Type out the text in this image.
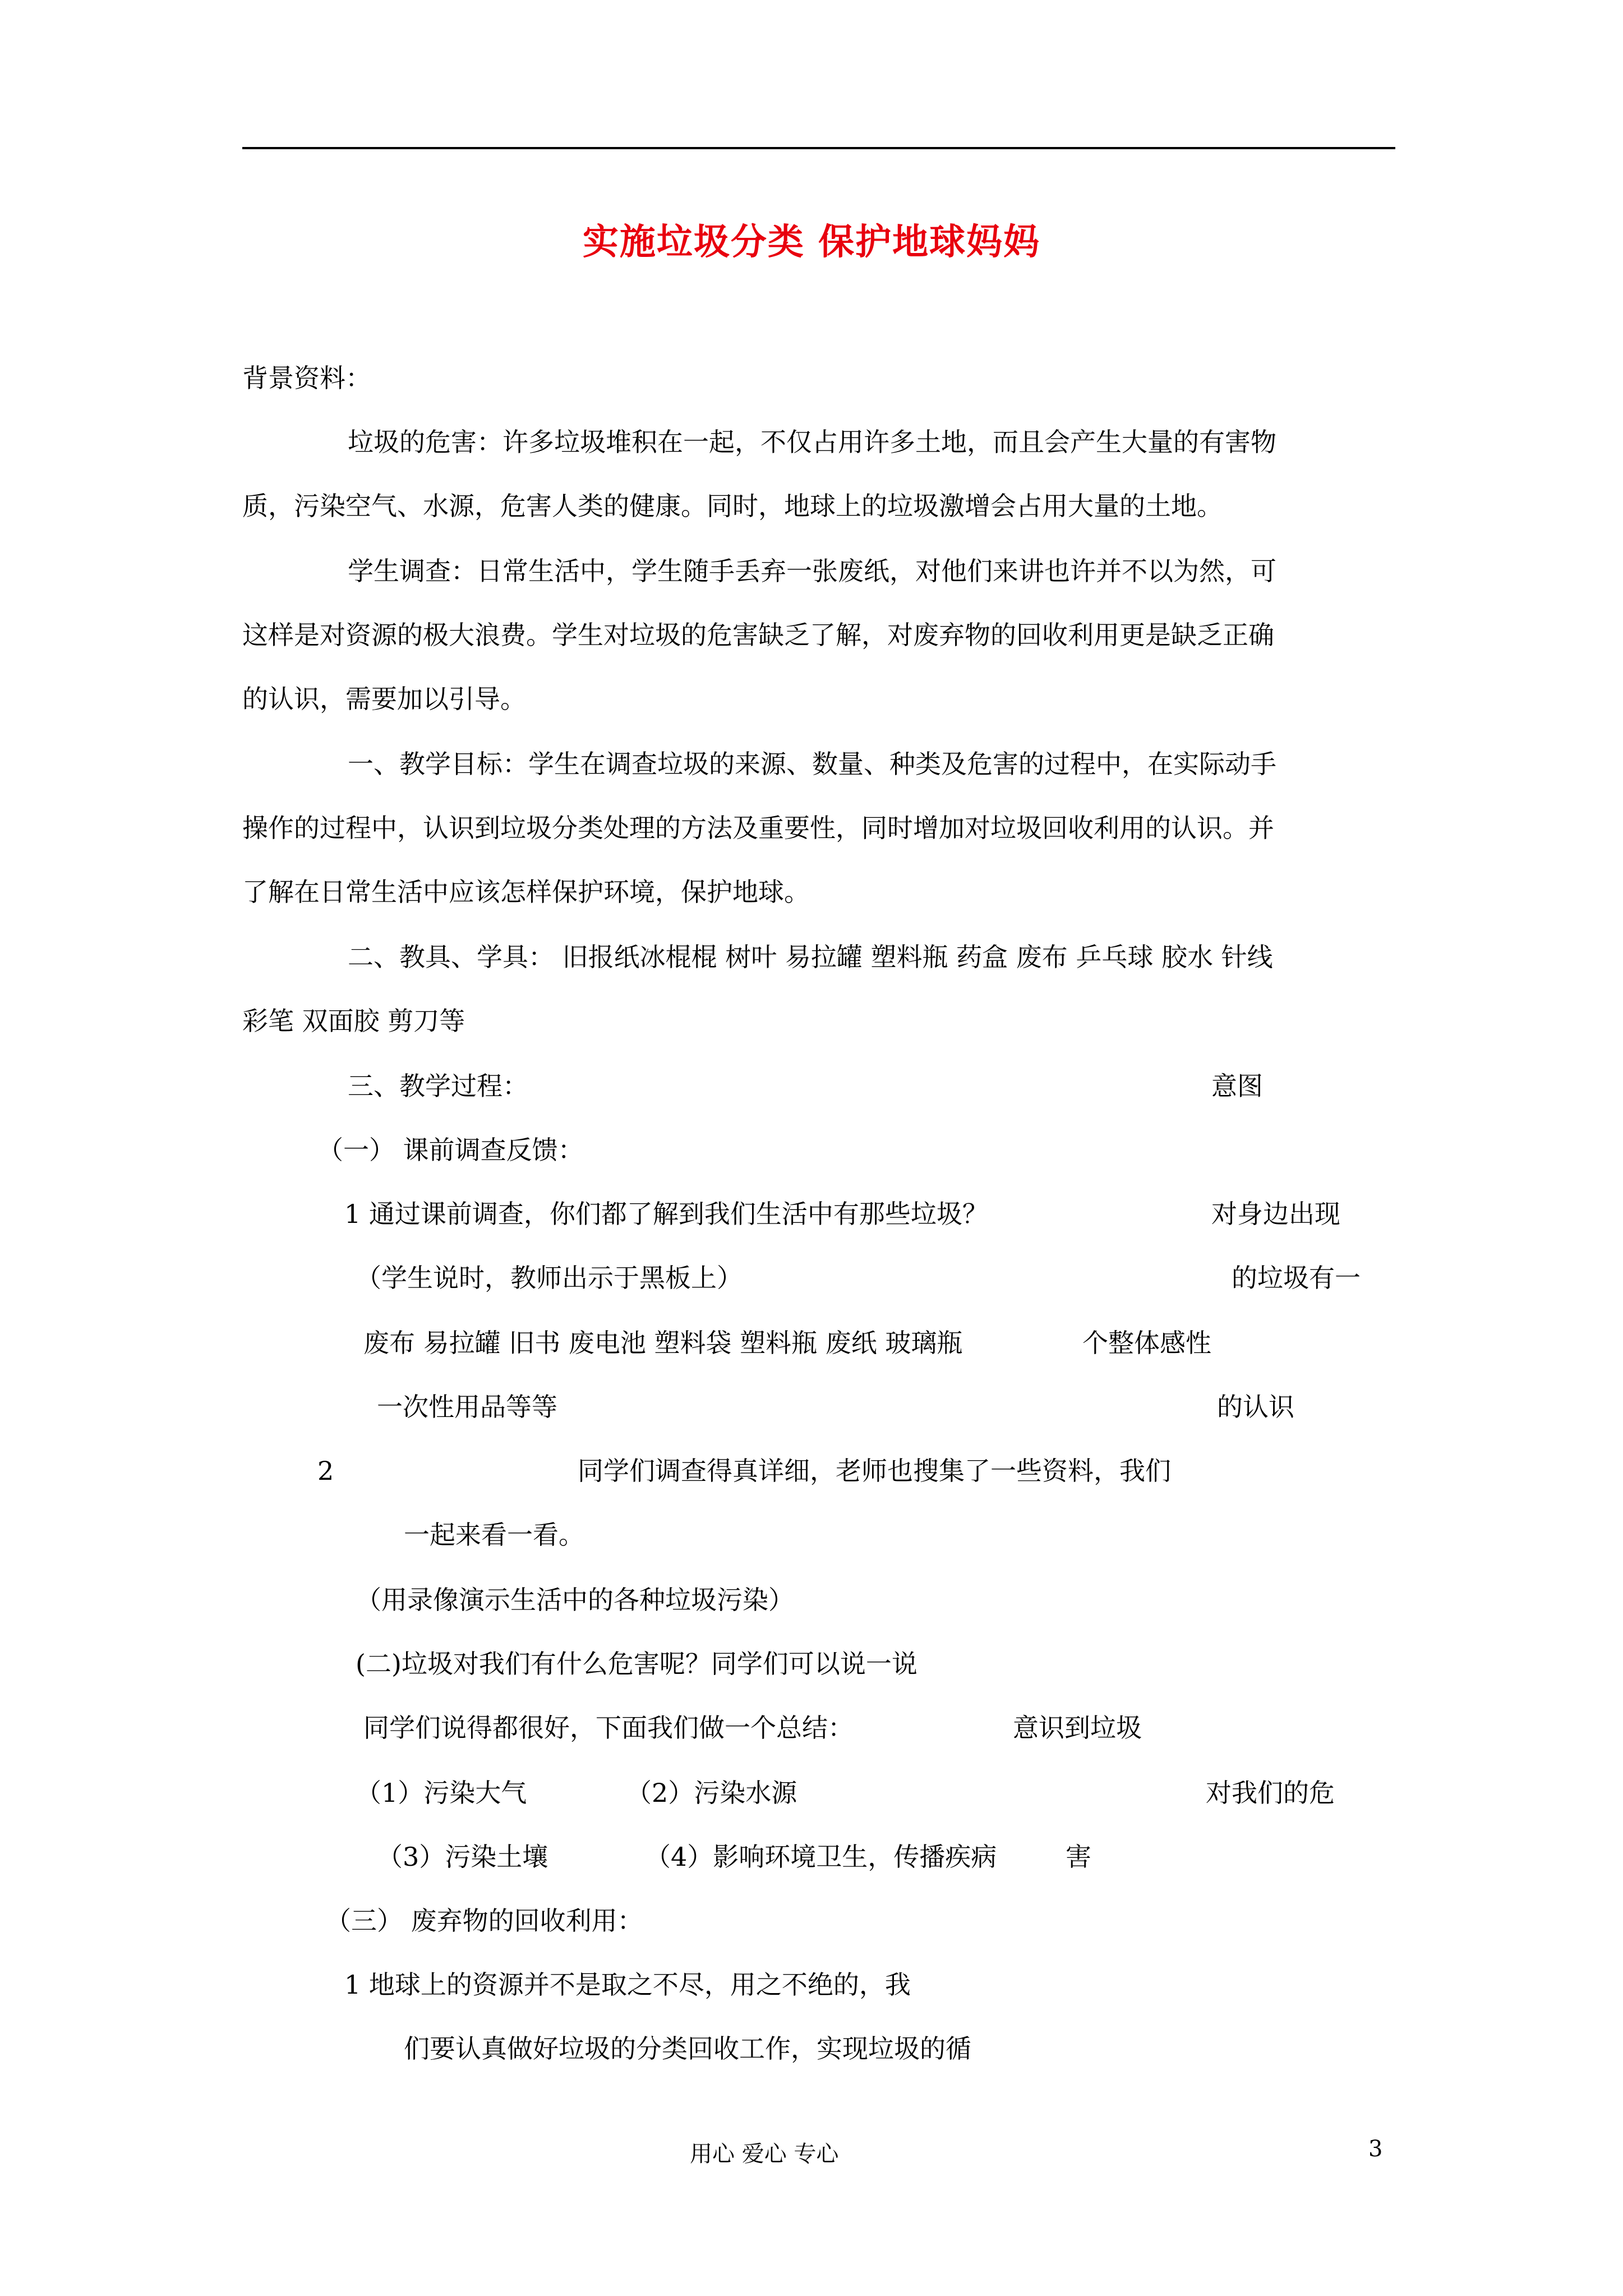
实施垃圾分类 保护地球妈妈
背景资料：
垃圾的危害：许多垃圾堆积在一起，不仅占用许多土地，而且会产生大量的有害物
质，污染空气、水源，危害人类的健康。同时，地球上的垃圾激增会占用大量的土地。
学生调查：日常生活中，学生随手丢弃一张废纸，对他们来讲也许并不以为然，可
这样是对资源的极大浪费。学生对垃圾的危害缺乏了解，对废弃物的回收利用更是缺乏正确
的认识，需要加以引导。
一、教学目标：学生在调查垃圾的来源、数量、种类及危害的过程中，在实际动手
操作的过程中，认识到垃圾分类处理的方法及重要性，同时增加对垃圾回收利用的认识。并
了解在日常生活中应该怎样保护环境，保护地球。
二、教具、学具： 旧报纸冰棍棍 树叶 易拉罐 塑料瓶 药盒 废布 乒乓球 胶水 针线
彩笔 双面胶 剪刀等
三、教学过程：	意图
（一） 课前调查反馈：
1 通过课前调查，你们都了解到我们生活中有那些垃圾？	对身边出现
（学生说时，教师出示于黑板上）	的垃圾有一
废布 易拉罐 旧书 废电池 塑料袋 塑料瓶 废纸 玻璃瓶	个整体感性
一次性用品等等	的认识
2	同学们调查得真详细，老师也搜集了一些资料，我们
一起来看一看。
（用录像演示生活中的各种垃圾污染）
(二)垃圾对我们有什么危害呢？同学们可以说一说
同学们说得都很好，下面我们做一个总结：	意识到垃圾
（1）污染大气	（2）污染水源	对我们的危
（3）污染土壤	（4）影响环境卫生，传播疾病	害
（三） 废弃物的回收利用：
1 地球上的资源并不是取之不尽，用之不绝的，我
们要认真做好垃圾的分类回收工作，实现垃圾的循
用心 爱心 专心	3
